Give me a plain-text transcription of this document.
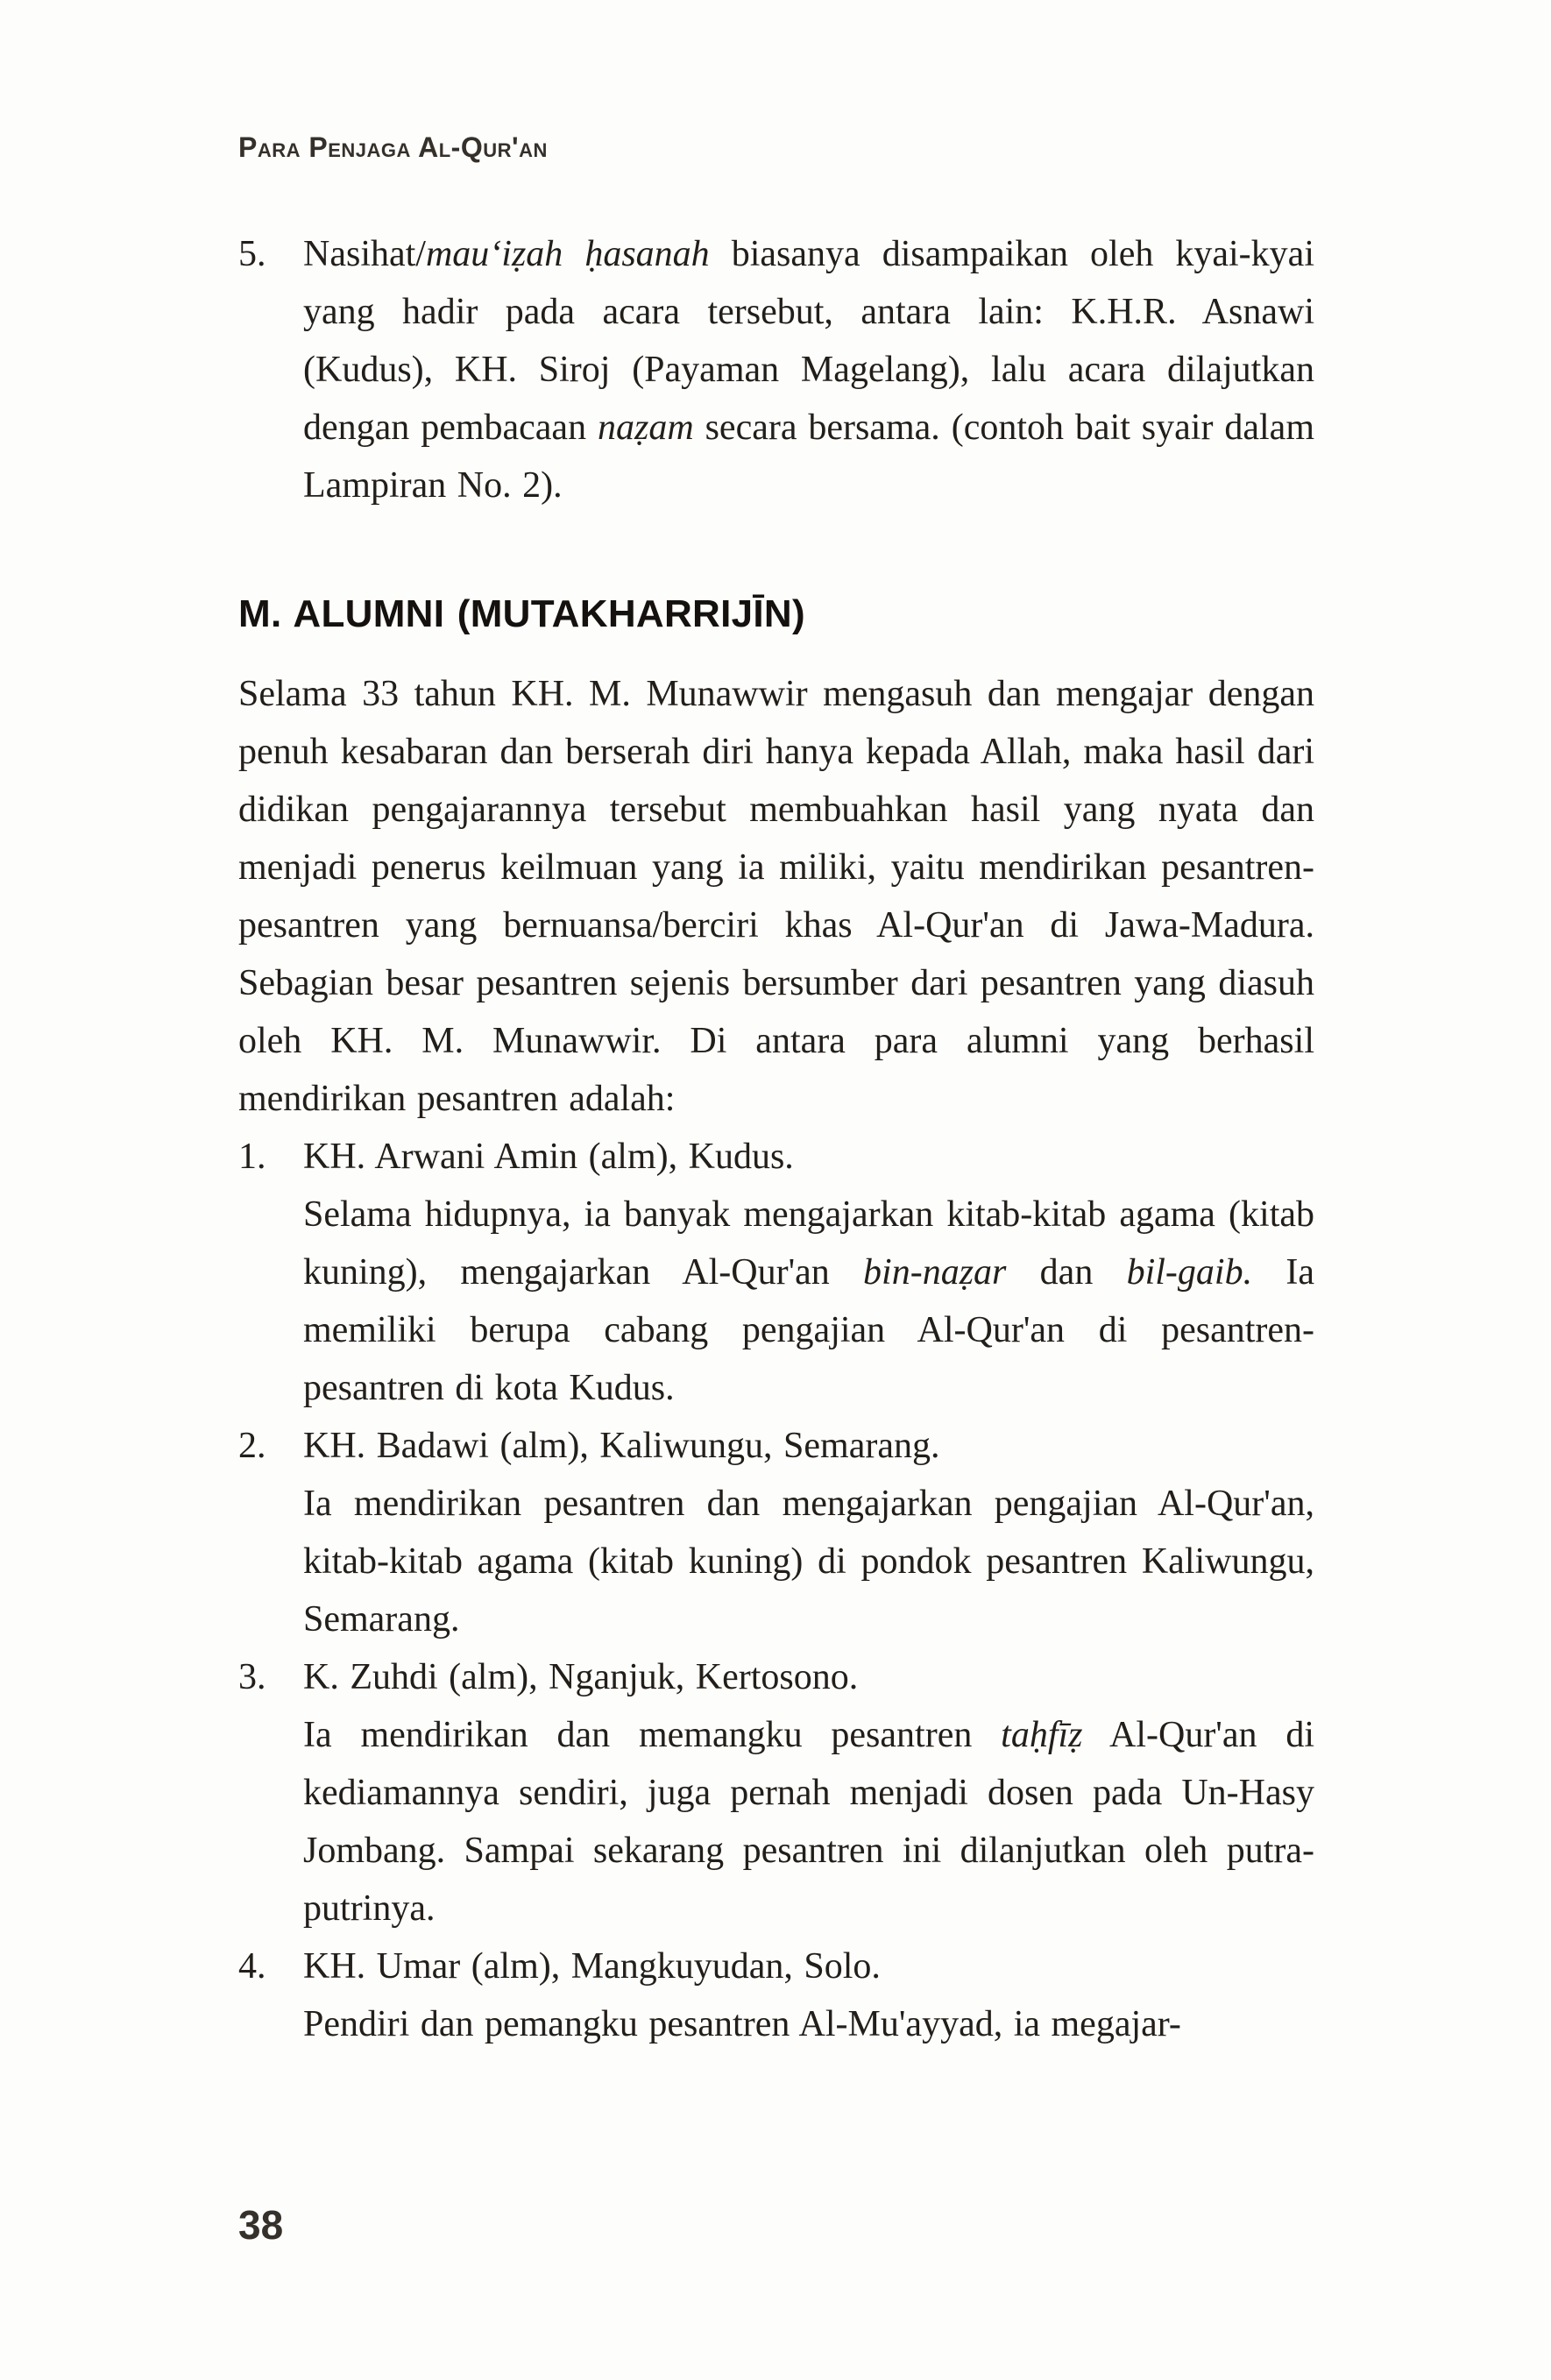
Para Penjaga Al-Qur'an
5.	Nasihat/mau‘iẓah ḥasanah biasanya disampaikan oleh kyai-kyai yang hadir pada acara tersebut, antara lain: K.H.R. Asnawi (Kudus), KH. Siroj (Payaman Magelang), lalu acara dilajutkan dengan pembacaan naẓam secara bersama. (contoh bait syair dalam Lampiran No. 2).

M. ALUMNI (MUTAKHARRIJĪN)

Selama 33 tahun KH. M. Munawwir mengasuh dan mengajar dengan penuh kesabaran dan berserah diri hanya kepada Allah, maka hasil dari didikan pengajarannya tersebut membuahkan hasil yang nyata dan menjadi penerus keilmuan yang ia miliki, yaitu mendirikan pesantren-pesantren yang bernuansa/berciri khas Al-Qur'an di Jawa-Madura. Sebagian besar pesantren sejenis bersumber dari pesantren yang diasuh oleh KH. M. Munawwir. Di antara para alumni yang berhasil mendirikan pesantren adalah:

1.	KH. Arwani Amin (alm), Kudus.

Selama hidupnya, ia banyak mengajarkan kitab-kitab agama (kitab kuning), mengajarkan Al-Qur'an bin-naẓar dan bil-gaib. Ia memiliki berupa cabang pengajian Al-Qur'an di pesantren-pesantren di kota Kudus.

2.	KH. Badawi (alm), Kaliwungu, Semarang.

Ia mendirikan pesantren dan mengajarkan pengajian Al-Qur'an, kitab-kitab agama (kitab kuning) di pondok pesantren Kaliwungu, Semarang.

3.	K. Zuhdi (alm), Nganjuk, Kertosono.

Ia mendirikan dan memangku pesantren taḥfīẓ Al-Qur'an di kediamannya sendiri, juga pernah menjadi dosen pada Un-Hasy Jombang. Sampai sekarang pesantren ini dilanjutkan oleh putra-putrinya.

4.	KH. Umar (alm), Mangkuyudan, Solo.

Pendiri dan pemangku pesantren Al-Mu'ayyad, ia megajar-

38
